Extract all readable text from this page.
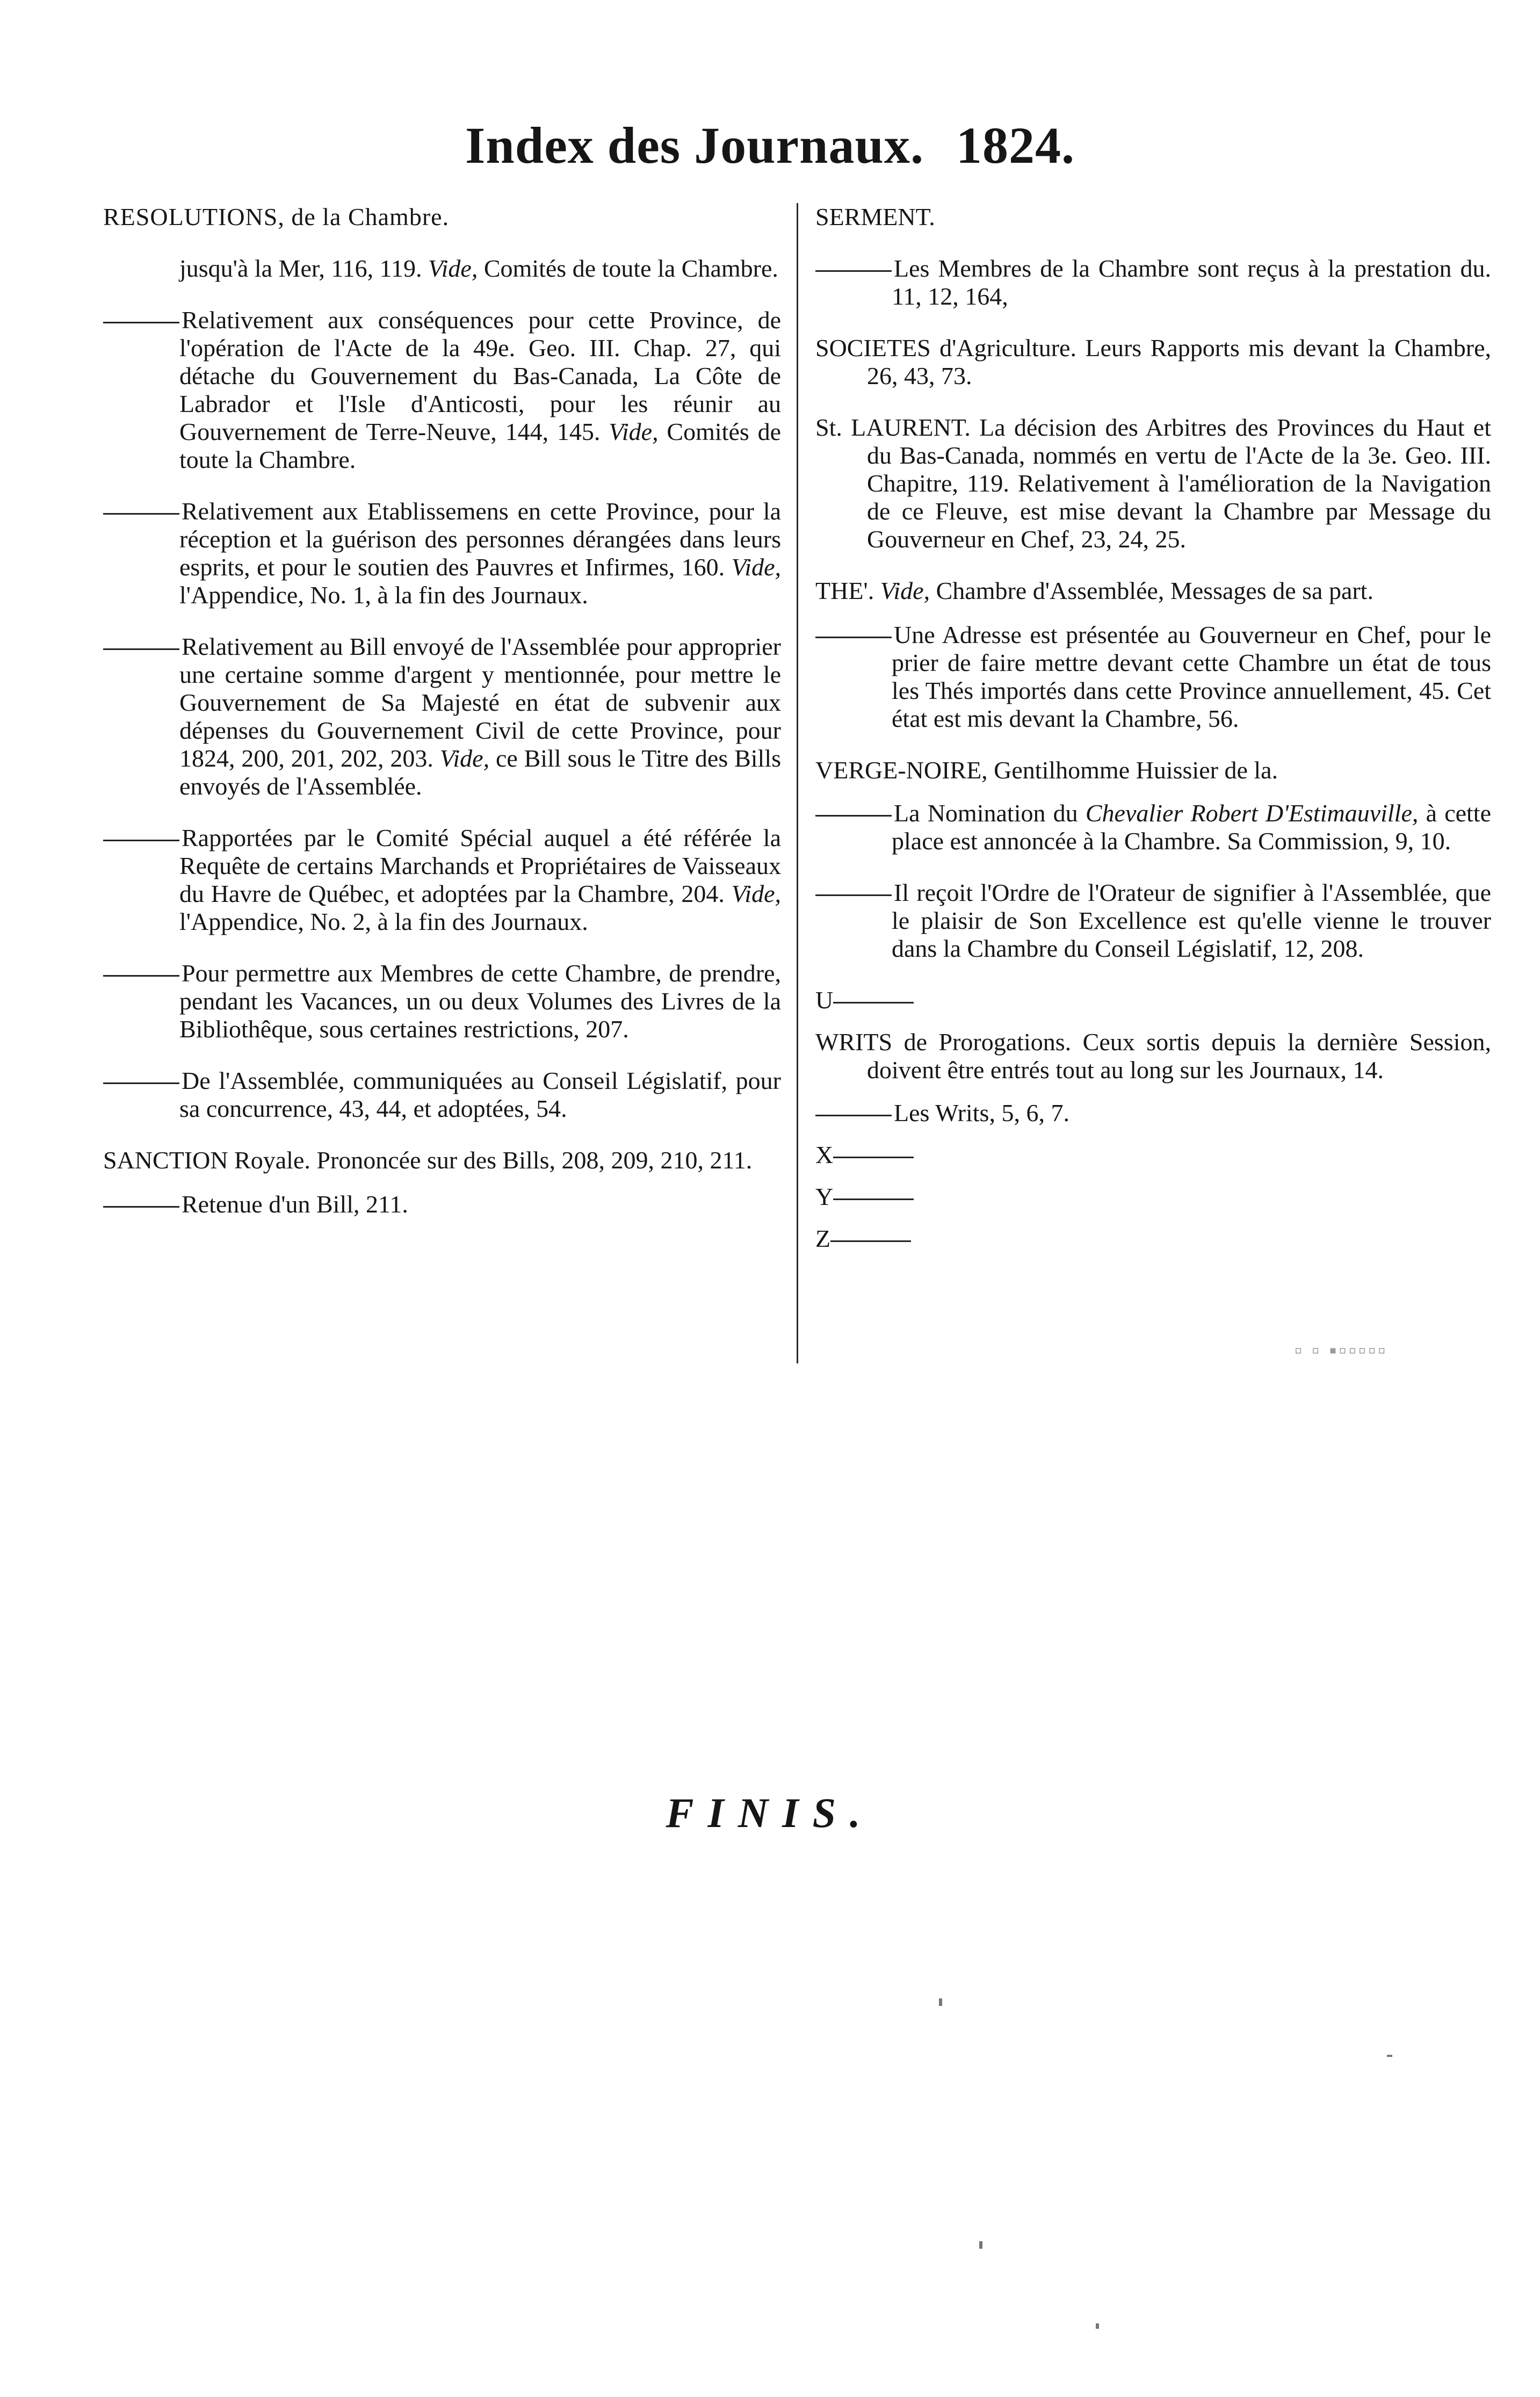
Index des Journaux. 1824.

RESOLUTIONS, de la Chambre.

jusqu'à la Mer, 116, 119. Vide, Comités de toute la Chambre.

Relativement aux conséquences pour cette Province, de l'opération de l'Acte de la 49e. Geo. III. Chap. 27, qui détache du Gouvernement du Bas-Canada, La Côte de Labrador et l'Isle d'Anticosti, pour les réunir au Gouvernement de Terre-Neuve, 144, 145. Vide, Comités de toute la Chambre.

Relativement aux Etablissemens en cette Province, pour la réception et la guérison des personnes dérangées dans leurs esprits, et pour le soutien des Pauvres et Infirmes, 160. Vide, l'Appendice, No. 1, à la fin des Journaux.

Relativement au Bill envoyé de l'Assemblée pour approprier une certaine somme d'argent y mentionnée, pour mettre le Gouvernement de Sa Majesté en état de subvenir aux dépenses du Gouvernement Civil de cette Province, pour 1824, 200, 201, 202, 203. Vide, ce Bill sous le Titre des Bills envoyés de l'Assemblée.

Rapportées par le Comité Spécial auquel a été référée la Requête de certains Marchands et Propriétaires de Vaisseaux du Havre de Québec, et adoptées par la Chambre, 204. Vide, l'Appendice, No. 2, à la fin des Journaux.

Pour permettre aux Membres de cette Chambre, de prendre, pendant les Vacances, un ou deux Volumes des Livres de la Bibliothêque, sous certaines restrictions, 207.

De l'Assemblée, communiquées au Conseil Législatif, pour sa concurrence, 43, 44, et adoptées, 54.

SANCTION Royale. Prononcée sur des Bills, 208, 209, 210, 211.

Retenue d'un Bill, 211.

SERMENT.

Les Membres de la Chambre sont reçus à la prestation du. 11, 12, 164,

SOCIETES d'Agriculture. Leurs Rapports mis devant la Chambre, 26, 43, 73.

St. LAURENT. La décision des Arbitres des Provinces du Haut et du Bas-Canada, nommés en vertu de l'Acte de la 3e. Geo. III. Chapitre, 119. Relativement à l'amélioration de la Navigation de ce Fleuve, est mise devant la Chambre par Message du Gouverneur en Chef, 23, 24, 25.

THE'. Vide, Chambre d'Assemblée, Messages de sa part.

Une Adresse est présentée au Gouverneur en Chef, pour le prier de faire mettre devant cette Chambre un état de tous les Thés importés dans cette Province annuellement, 45. Cet état est mis devant la Chambre, 56.

VERGE-NOIRE, Gentilhomme Huissier de la.

La Nomination du Chevalier Robert D'Estimauville, à cette place est annoncée à la Chambre. Sa Commission, 9, 10.

Il reçoit l'Ordre de l'Orateur de signifier à l'Assemblée, que le plaisir de Son Excellence est qu'elle vienne le trouver dans la Chambre du Conseil Législatif, 12, 208.

U

WRITS de Prorogations. Ceux sortis depuis la dernière Session, doivent être entrés tout au long sur les Journaux, 14.

Les Writs, 5, 6, 7.

X

Y

Z

▫ ▫ ▪▫▫▫▫▫
FINIS.
